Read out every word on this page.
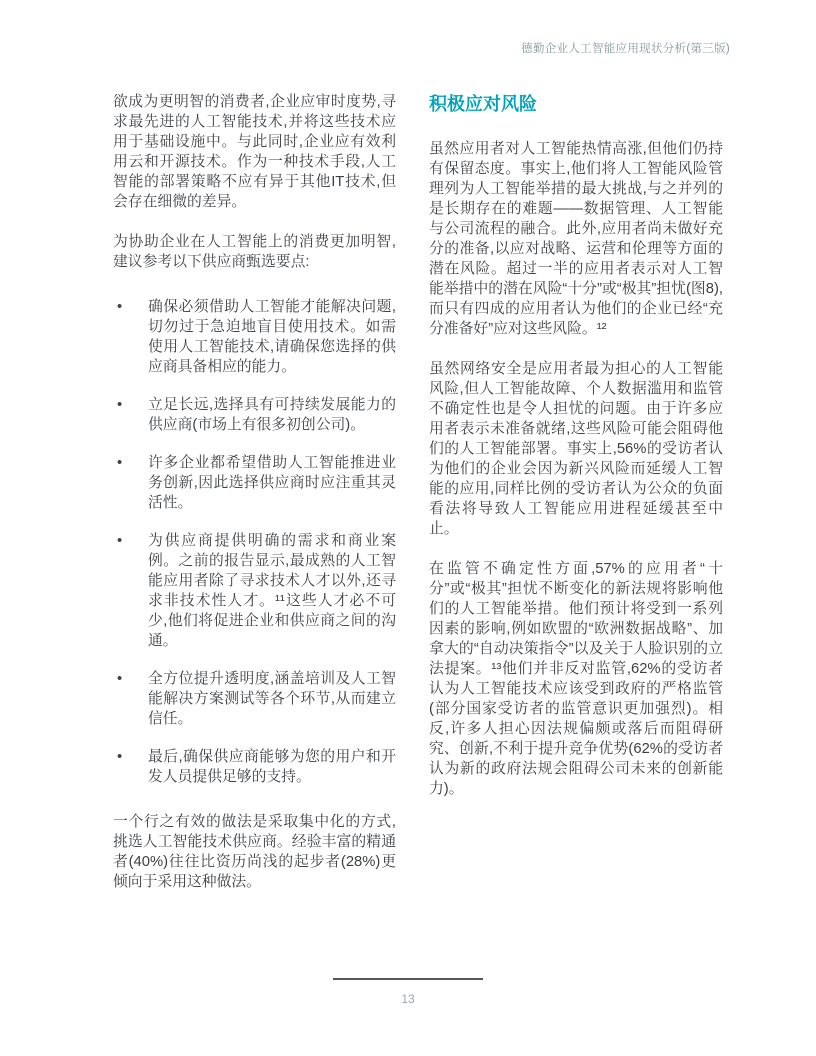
德勤企业人工智能应用现状分析(第三版)

欲成为更明智的消费者,企业应审时度势,寻求最先进的人工智能技术,并将这些技术应用于基础设施中。与此同时,企业应有效利用云和开源技术。作为一种技术手段,人工智能的部署策略不应有异于其他IT技术,但会存在细微的差异。

为协助企业在人工智能上的消费更加明智,建议参考以下供应商甄选要点:

•	确保必须借助人工智能才能解决问题,切勿过于急迫地盲目使用技术。如需使用人工智能技术,请确保您选择的供应商具备相应的能力。
•	立足长远,选择具有可持续发展能力的供应商(市场上有很多初创公司)。
•	许多企业都希望借助人工智能推进业务创新,因此选择供应商时应注重其灵活性。
•	为供应商提供明确的需求和商业案例。之前的报告显示,最成熟的人工智能应用者除了寻求技术人才以外,还寻求非技术性人才。¹¹这些人才必不可少,他们将促进企业和供应商之间的沟通。
•	全方位提升透明度,涵盖培训及人工智能解决方案测试等各个环节,从而建立信任。
•	最后,确保供应商能够为您的用户和开发人员提供足够的支持。

一个行之有效的做法是采取集中化的方式,挑选人工智能技术供应商。经验丰富的精通者(40%)往往比资历尚浅的起步者(28%)更倾向于采用这种做法。

积极应对风险

虽然应用者对人工智能热情高涨,但他们仍持有保留态度。事实上,他们将人工智能风险管理列为人工智能举措的最大挑战,与之并列的是长期存在的难题——数据管理、人工智能与公司流程的融合。此外,应用者尚未做好充分的准备,以应对战略、运营和伦理等方面的潜在风险。超过一半的应用者表示对人工智能举措中的潜在风险“十分”或“极其”担忧(图8),而只有四成的应用者认为他们的企业已经“充分准备好”应对这些风险。¹²

虽然网络安全是应用者最为担心的人工智能风险,但人工智能故障、个人数据滥用和监管不确定性也是令人担忧的问题。由于许多应用者表示未准备就绪,这些风险可能会阻碍他们的人工智能部署。事实上,56%的受访者认为他们的企业会因为新兴风险而延缓人工智能的应用,同样比例的受访者认为公众的负面看法将导致人工智能应用进程延缓甚至中止。

在监管不确定性方面,57%的应用者“十分”或“极其”担忧不断变化的新法规将影响他们的人工智能举措。他们预计将受到一系列因素的影响,例如欧盟的“欧洲数据战略”、加拿大的“自动决策指令”以及关于人脸识别的立法提案。¹³他们并非反对监管,62%的受访者认为人工智能技术应该受到政府的严格监管(部分国家受访者的监管意识更加强烈)。相反,许多人担心因法规偏颇或落后而阻碍研究、创新,不利于提升竞争优势(62%的受访者认为新的政府法规会阻碍公司未来的创新能力)。

13
